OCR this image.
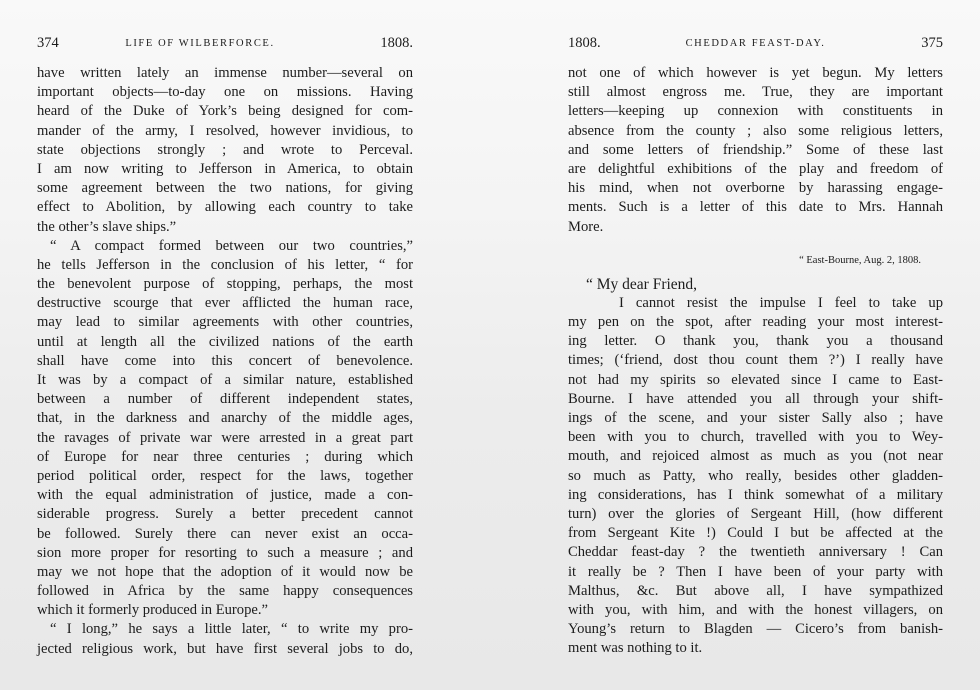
374	LIFE OF WILBERFORCE.	1808.
have written lately an immense number—several on
important objects—to-day one on missions. Having
heard of the Duke of York’s being designed for com-
mander of the army, I resolved, however invidious, to
state objections strongly ; and wrote to Perceval.
I am now writing to Jefferson in America, to obtain
some agreement between the two nations, for giving
effect to Abolition, by allowing each country to take
the other’s slave ships.”
“ A compact formed between our two countries,”
he tells Jefferson in the conclusion of his letter, “ for
the benevolent purpose of stopping, perhaps, the most
destructive scourge that ever afflicted the human race,
may lead to similar agreements with other countries,
until at length all the civilized nations of the earth
shall have come into this concert of benevolence.
It was by a compact of a similar nature, established
between a number of different independent states,
that, in the darkness and anarchy of the middle ages,
the ravages of private war were arrested in a great part
of Europe for near three centuries ; during which
period political order, respect for the laws, together
with the equal administration of justice, made a con-
siderable progress. Surely a better precedent cannot
be followed. Surely there can never exist an occa-
sion more proper for resorting to such a measure ; and
may we not hope that the adoption of it would now be
followed in Africa by the same happy consequences
which it formerly produced in Europe.”
“ I long,” he says a little later, “ to write my pro-
jected religious work, but have first several jobs to do,
1808.	CHEDDAR FEAST-DAY.	375
not one of which however is yet begun. My letters
still almost engross me. True, they are important
letters—keeping up connexion with constituents in
absence from the county ; also some religious letters,
and some letters of friendship.” Some of these last
are delightful exhibitions of the play and freedom of
his mind, when not overborne by harassing engage-
ments. Such is a letter of this date to Mrs. Hannah
More.
“ East-Bourne, Aug. 2, 1808.
“ My dear Friend,
I cannot resist the impulse I feel to take up
my pen on the spot, after reading your most interest-
ing letter. O thank you, thank you a thousand
times; (‘friend, dost thou count them ?’) I really have
not had my spirits so elevated since I came to East-
Bourne. I have attended you all through your shift-
ings of the scene, and your sister Sally also ; have
been with you to church, travelled with you to Wey-
mouth, and rejoiced almost as much as you (not near
so much as Patty, who really, besides other gladden-
ing considerations, has I think somewhat of a military
turn) over the glories of Sergeant Hill, (how different
from Sergeant Kite !) Could I but be affected at the
Cheddar feast-day ? the twentieth anniversary ! Can
it really be ? Then I have been of your party with
Malthus, &c. But above all, I have sympathized
with you, with him, and with the honest villagers, on
Young’s return to Blagden — Cicero’s from banish-
ment was nothing to it.
